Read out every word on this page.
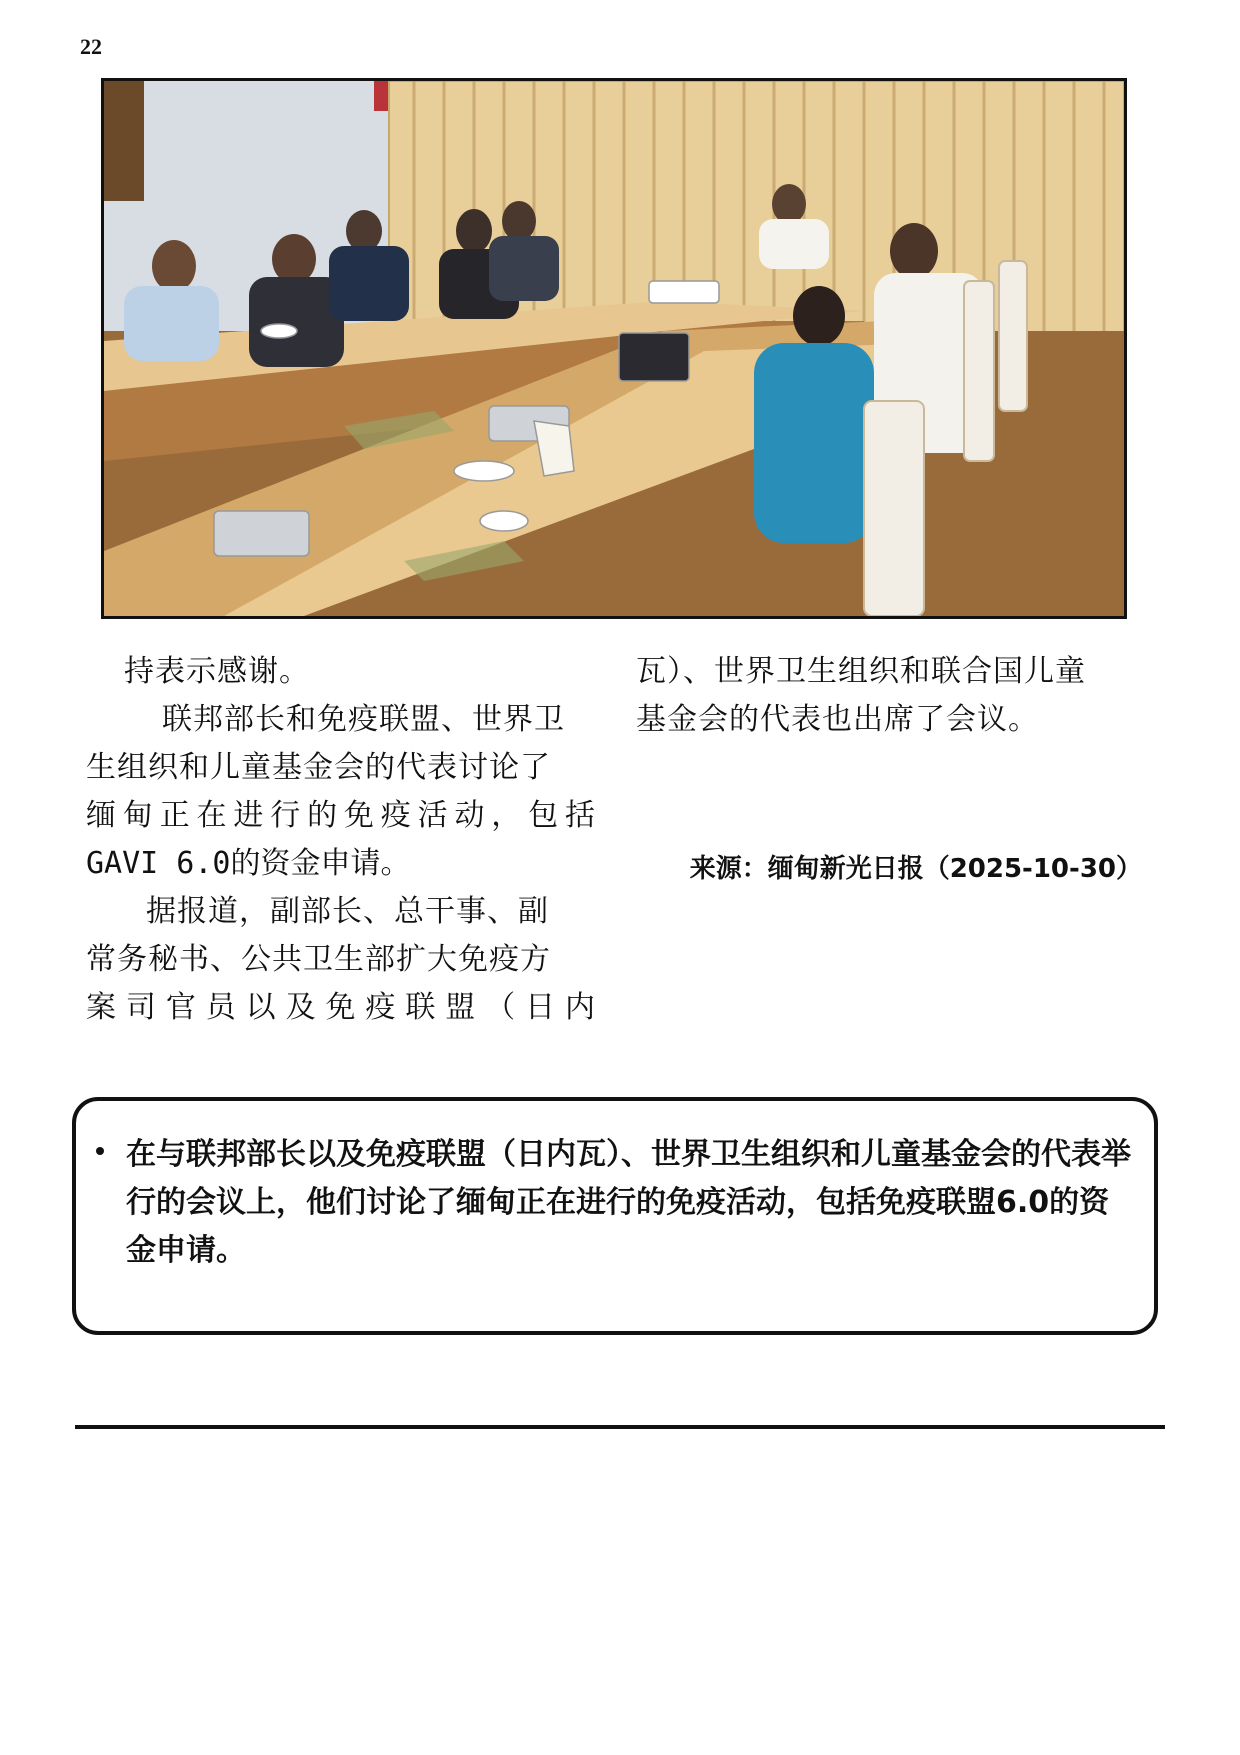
22

持表示感谢。

联邦部长和免疫联盟、世界卫

生组织和儿童基金会的代表讨论了

缅甸正在进行的免疫活动，包括

GAVI 6.0的资金申请。

据报道，副部长、总干事、副

常务秘书、公共卫生部扩大免疫方

案司官员以及免疫联盟（日内

瓦）、世界卫生组织和联合国儿童

基金会的代表也出席了会议。

来源：缅甸新光日报（2025-10-30）
在与联邦部长以及免疫联盟（日内瓦）、世界卫生组织和儿童基金会的代表举行的会议上，他们讨论了缅甸正在进行的免疫活动，包括免疫联盟6.0的资金申请。
